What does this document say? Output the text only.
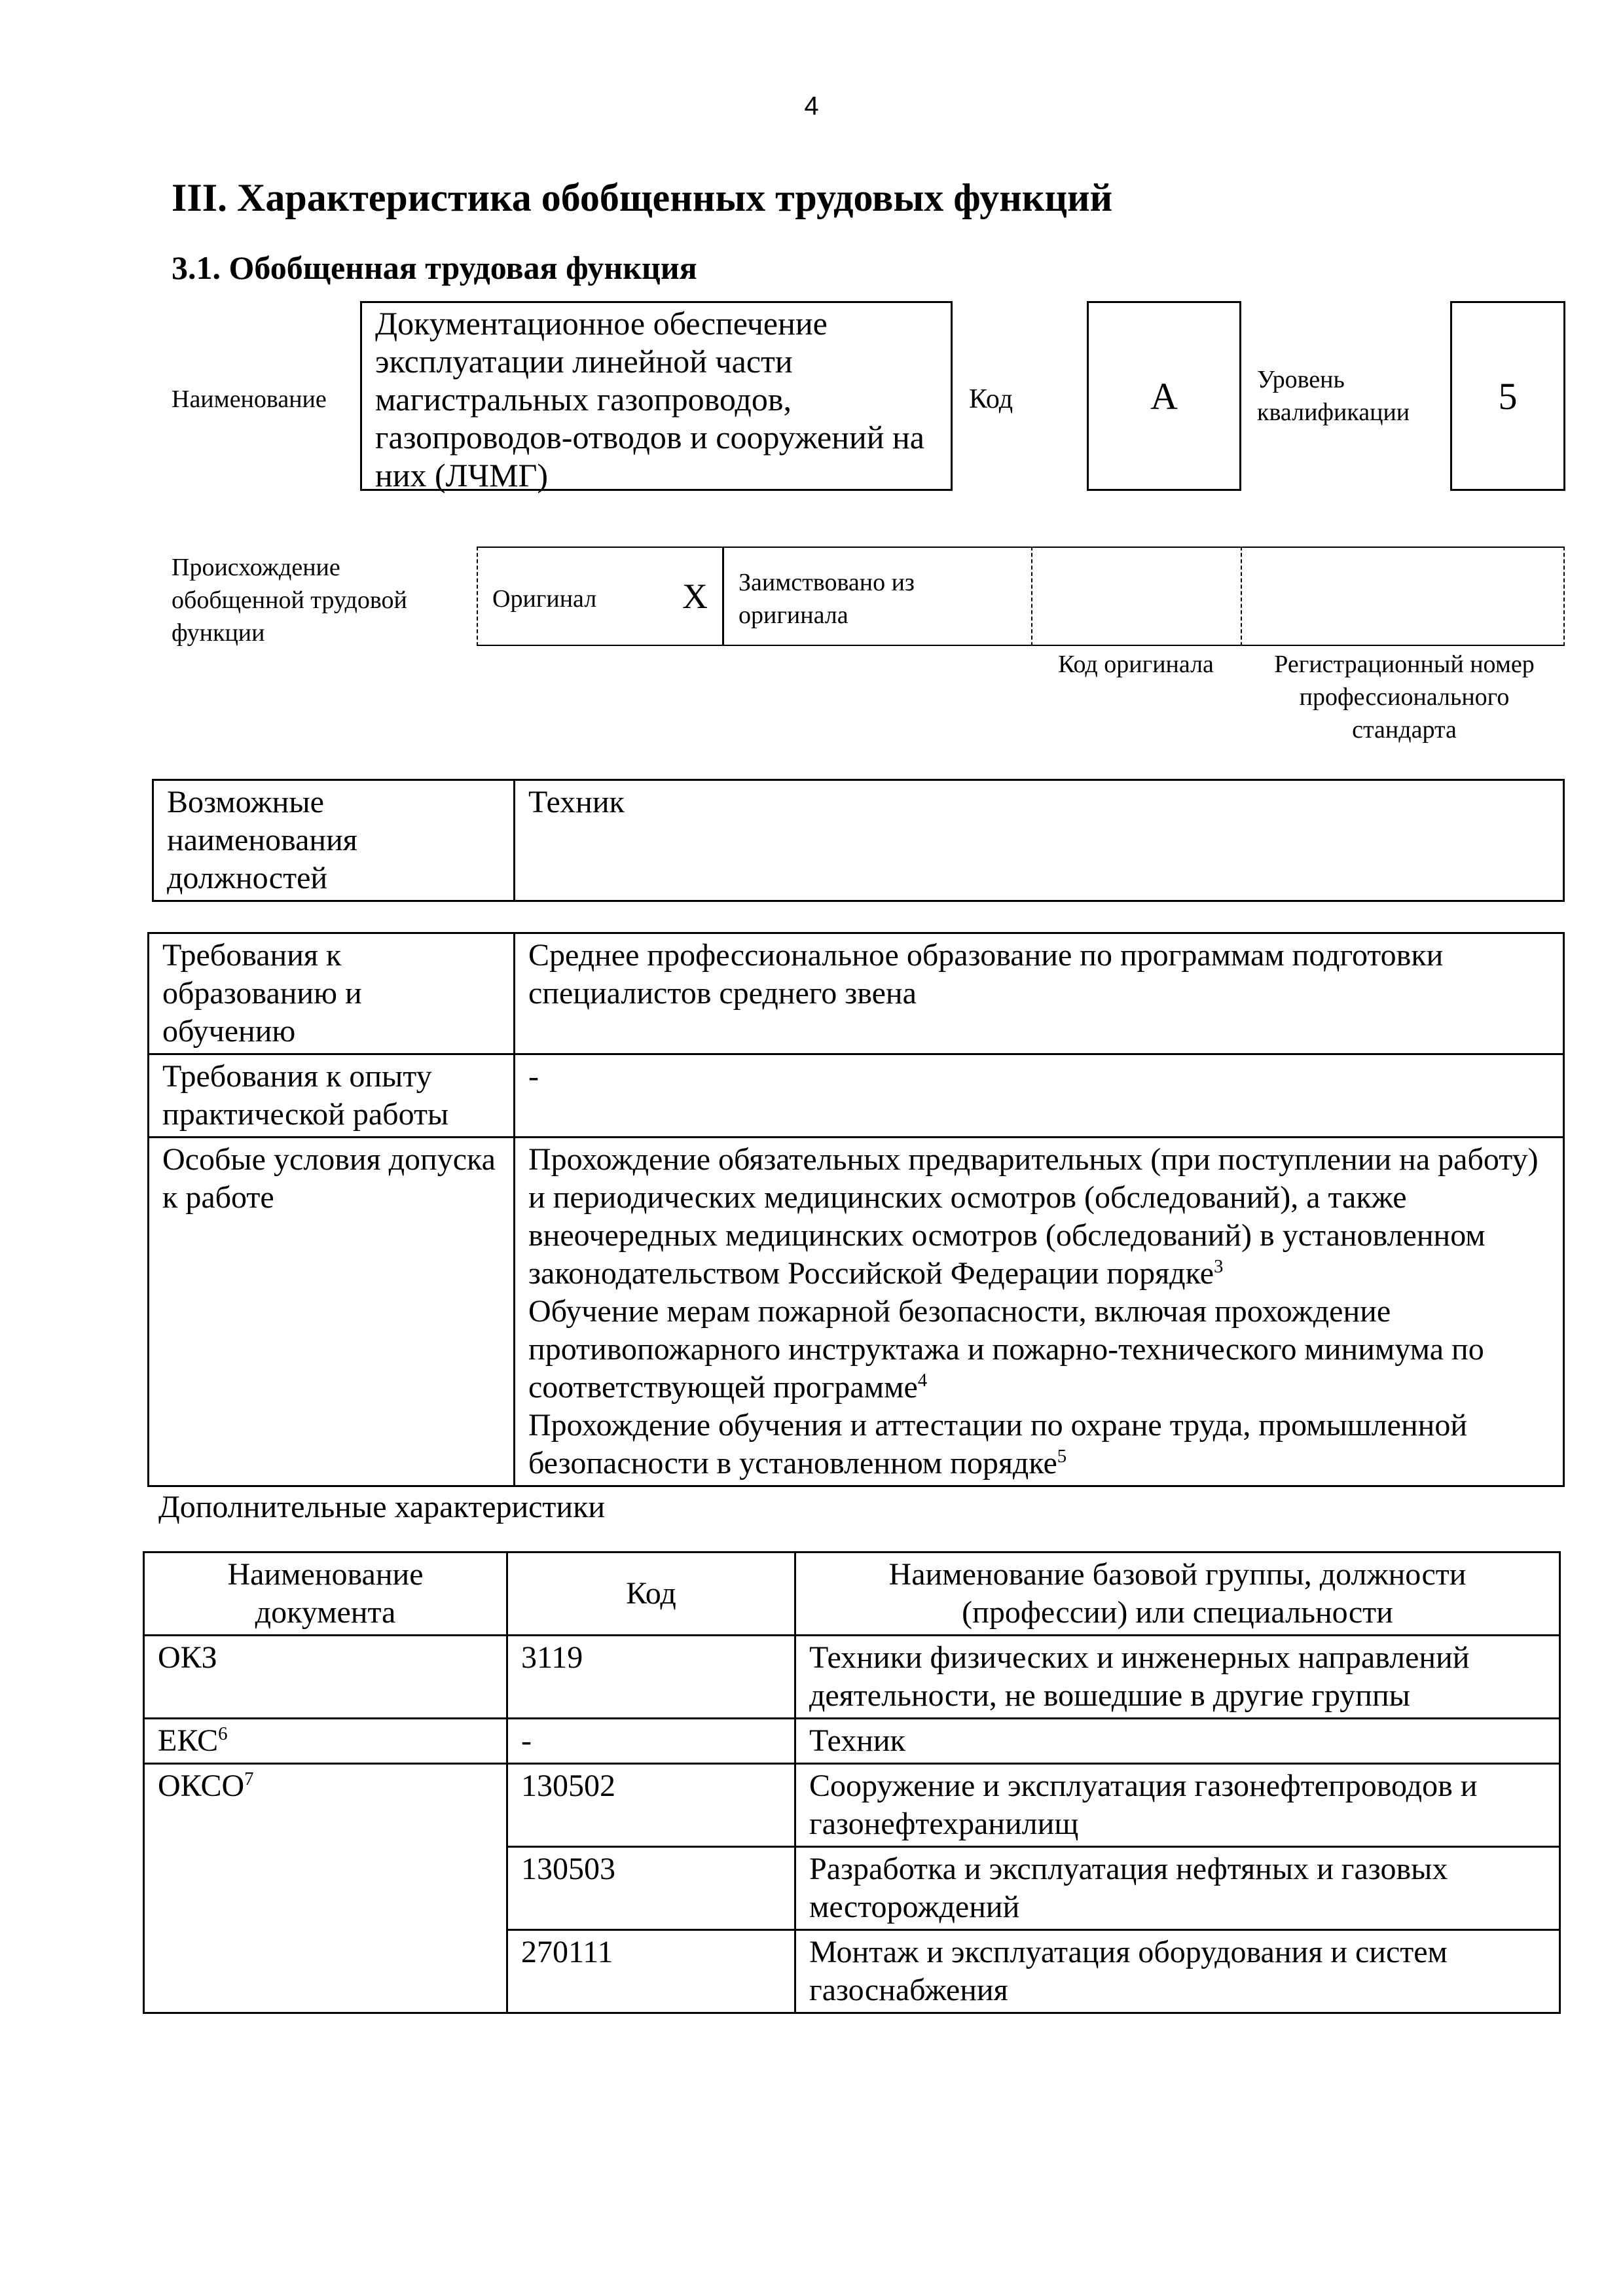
4
III. Характеристика обобщенных трудовых функций
3.1. Обобщенная трудовая функция
Наименование
Документационное обеспечение эксплуатации линейной части магистральных газопроводов, газопроводов-отводов и сооружений на них (ЛЧМГ)
Код	А	Уровень квалификации	5
Происхождение обобщенной трудовой функции
Оригинал X Заимствовано из оригинала
Код оригинала	Регистрационный номер профессионального стандарта
Возможные наименования должностей	Техник
Требования к образованию и обучению	Среднее профессиональное образование по программам подготовки специалистов среднего звена
Требования к опыту практической работы	-
Особые условия допуска к работе	Прохождение обязательных предварительных (при поступлении на работу) и периодических медицинских осмотров (обследований), а также внеочередных медицинских осмотров (обследований) в установленном законодательством Российской Федерации порядке$^3$
Обучение мерам пожарной безопасности, включая прохождение противопожарного инструктажа и пожарно-технического минимума по соответствующей программе$^4$
Прохождение обучения и аттестации по охране труда, промышленной безопасности в установленном порядке$^5$
Дополнительные характеристики
Наименование документа	Код	Наименование базовой группы, должности (профессии) или специальности
ОКЗ	3119	Техники физических и инженерных направлений деятельности, не вошедшие в другие группы
ЕКС$^6$	-	Техник
ОКСО$^7$	130502	Сооружение и эксплуатация газонефтепроводов и газонефтехранилищ
	130503	Разработка и эксплуатация нефтяных и газовых месторождений
	270111	Монтаж и эксплуатация оборудования и систем газоснабжения
